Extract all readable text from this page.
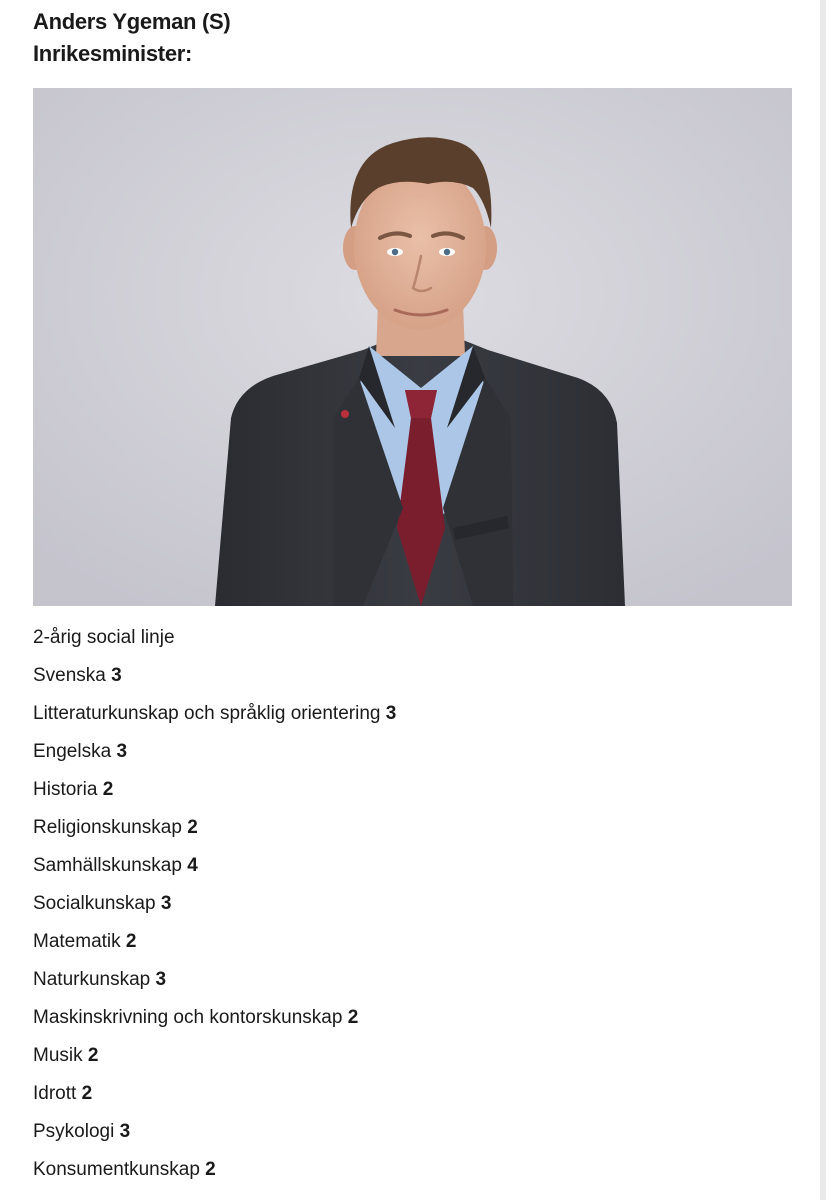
Anders Ygeman (S)
Inrikesminister:
2-årig social linje
Svenska 3
Litteraturkunskap och språklig orientering 3
Engelska 3
Historia 2
Religionskunskap 2
Samhällskunskap 4
Socialkunskap 3
Matematik 2
Naturkunskap 3
Maskinskrivning och kontorskunskap 2
Musik 2
Idrott 2
Psykologi 3
Konsumentkunskap 2
